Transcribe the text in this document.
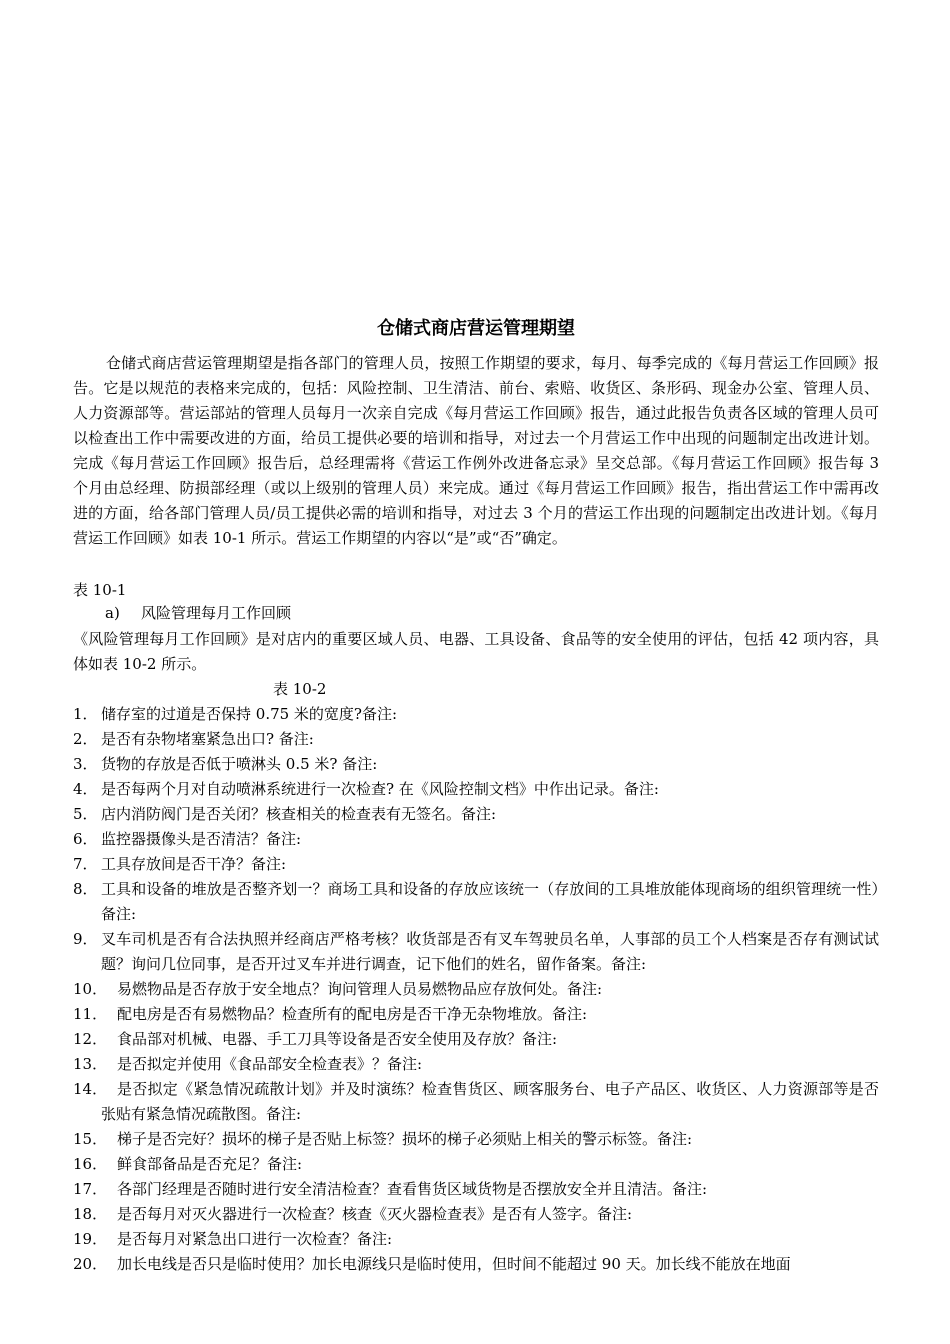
仓储式商店营运管理期望
仓储式商店营运管理期望是指各部门的管理人员，按照工作期望的要求，每月、每季完成的《每月营运工作回顾》报告。它是以规范的表格来完成的，包括：风险控制、卫生清洁、前台、索赔、收货区、条形码、现金办公室、管理人员、人力资源部等。营运部站的管理人员每月一次亲自完成《每月营运工作回顾》报告，通过此报告负责各区域的管理人员可以检查出工作中需要改进的方面，给员工提供必要的培训和指导，对过去一个月营运工作中出现的问题制定出改进计划。完成《每月营运工作回顾》报告后，总经理需将《营运工作例外改进备忘录》呈交总部。《每月营运工作回顾》报告每 3 个月由总经理、防损部经理（或以上级别的管理人员）来完成。通过《每月营运工作回顾》报告，指出营运工作中需再改进的方面，给各部门管理人员/员工提供必需的培训和指导，对过去 3 个月的营运工作出现的问题制定出改进计划。《每月营运工作回顾》如表 10-1 所示。营运工作期望的内容以“是”或“否”确定。
表 10-1
a) 风险管理每月工作回顾
《风险管理每月工作回顾》是对店内的重要区域人员、电器、工具设备、食品等的安全使用的评估，包括 42 项内容，具体如表 10-2 所示。
表 10-2
1． 储存室的过道是否保持 0.75 米的宽度?备注:
2． 是否有杂物堵塞紧急出口? 备注:
3． 货物的存放是否低于喷淋头 0.5 米? 备注:
4． 是否每两个月对自动喷淋系统进行一次检查? 在《风险控制文档》中作出记录。备注:
5． 店内消防阀门是否关闭？核查相关的检查表有无签名。备注:
6． 监控器摄像头是否清洁？备注:
7． 工具存放间是否干净？备注:
8． 工具和设备的堆放是否整齐划一？商场工具和设备的存放应该统一（存放间的工具堆放能体现商场的组织管理统一性）备注:
9． 叉车司机是否有合法执照并经商店严格考核？收货部是否有叉车驾驶员名单，人事部的员工个人档案是否存有测试试题？询问几位同事，是否开过叉车并进行调查，记下他们的姓名，留作备案。备注:
10． 易燃物品是否存放于安全地点？询问管理人员易燃物品应存放何处。备注:
11． 配电房是否有易燃物品？检查所有的配电房是否干净无杂物堆放。备注:
12． 食品部对机械、电器、手工刀具等设备是否安全使用及存放？备注:
13． 是否拟定并使用《食品部安全检查表》？备注:
14． 是否拟定《紧急情况疏散计划》并及时演练？检查售货区、顾客服务台、电子产品区、收货区、人力资源部等是否张贴有紧急情况疏散图。备注:
15． 梯子是否完好？损坏的梯子是否贴上标签？损坏的梯子必须贴上相关的警示标签。备注:
16． 鲜食部备品是否充足？备注:
17． 各部门经理是否随时进行安全清洁检查？查看售货区域货物是否摆放安全并且清洁。备注:
18． 是否每月对灭火器进行一次检查？核查《灭火器检查表》是否有人签字。备注:
19． 是否每月对紧急出口进行一次检查？备注:
20． 加长电线是否只是临时使用？加长电源线只是临时使用，但时间不能超过 90 天。加长线不能放在地面
